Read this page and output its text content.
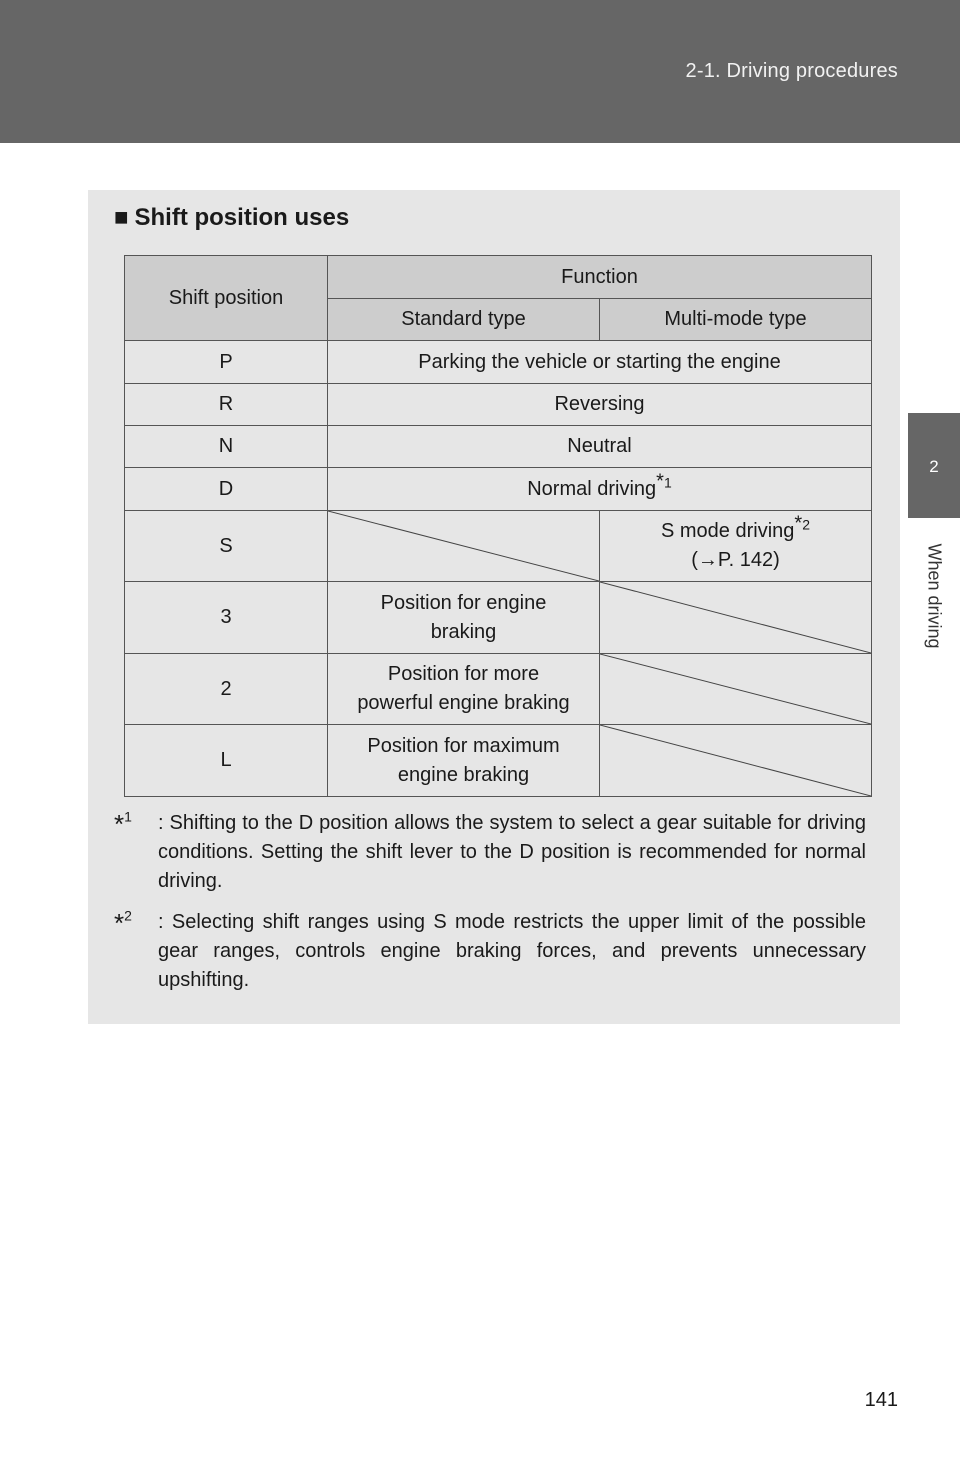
2-1. Driving procedures
2
When driving
■ Shift position uses
Shift position	Function	
	Standard type	Multi-mode type
P	Parking the vehicle or starting the engine	
R	Reversing	
N	Neutral	
D	Normal driving*$^1$
S		S mode driving*$^2$
(→P. 142)

3	Position for engine
braking

2	Position for more
powerful engine braking

L	Position for maximum
engine braking

*$^1$	: Shifting to the D position allows the system to select a gear suitable for driving conditions. Setting the shift lever to the D position is recommended for normal driving.
*$^2$	: Selecting shift ranges using S mode restricts the upper limit of the possible gear ranges, controls engine braking forces, and prevents unnecessary upshifting.
141
